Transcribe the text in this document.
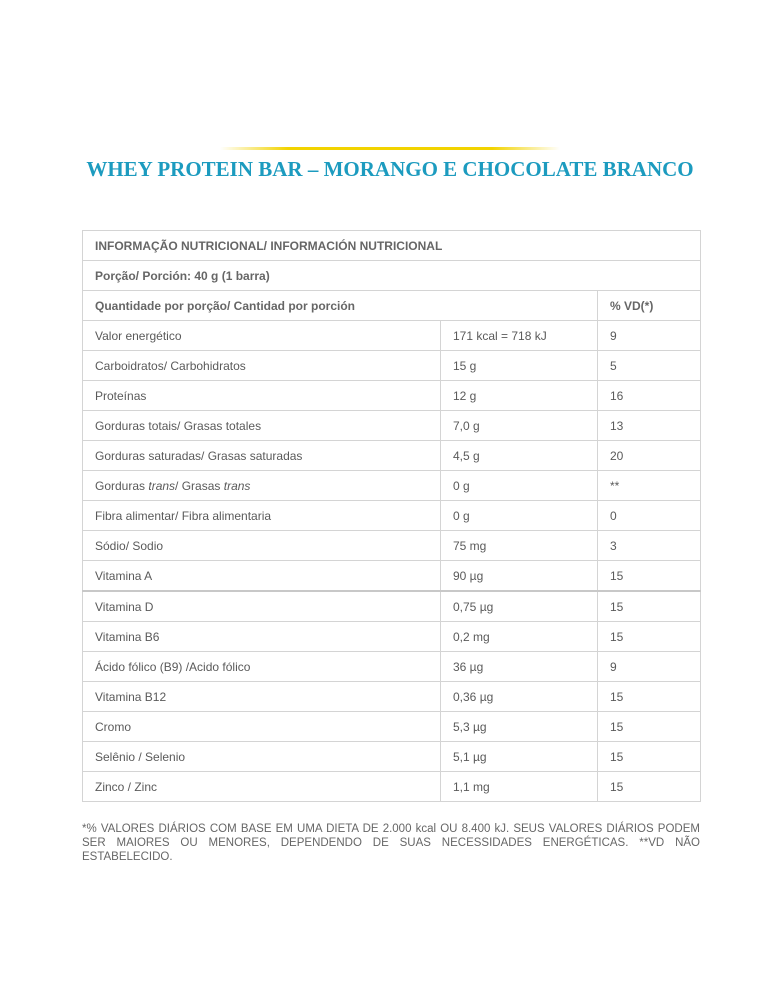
WHEY PROTEIN BAR – MORANGO E CHOCOLATE BRANCO
INFORMAÇÃO NUTRICIONAL/ INFORMACIÓN NUTRICIONAL		
Porção/ Porción: 40 g (1 barra)		
Quantidade por porção/ Cantidad por porción		% VD(*)
Valor energético	171 kcal = 718 kJ	9
Carboidratos/ Carbohidratos	15 g	5
Proteínas	12 g	16
Gorduras totais/ Grasas totales	7,0 g	13
Gorduras saturadas/ Grasas saturadas	4,5 g	20
Gorduras trans/ Grasas trans	0 g	**
Fibra alimentar/ Fibra alimentaria	0 g	0
Sódio/ Sodio	75 mg	3
Vitamina A	90 µg	15
Vitamina D	0,75 µg	15
Vitamina B6	0,2 mg	15
Ácido fólico (B9) /Acido fólico	36 µg	9
Vitamina B12	0,36 µg	15
Cromo	5,3 µg	15
Selênio / Selenio	5,1 µg	15
Zinco / Zinc	1,1 mg	15

*% VALORES DIÁRIOS COM BASE EM UMA DIETA DE 2.000 kcal OU 8.400 kJ. SEUS VALORES DIÁRIOS PODEM SER MAIORES OU MENORES, DEPENDENDO DE SUAS NECESSIDADES ENERGÉTICAS. **VD NÃO ESTABELECIDO.
